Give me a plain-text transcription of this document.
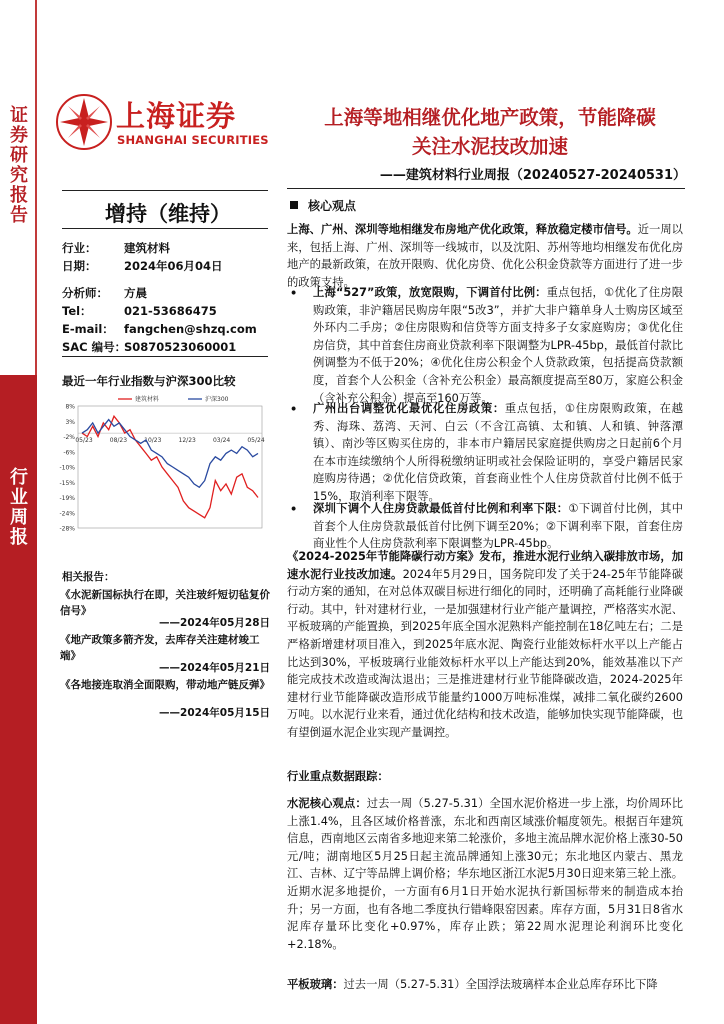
证券研究报告
行业周报
上海证券
SHANGHAI SECURITIES
上海等地相继优化地产政策，节能降碳
关注水泥技改加速
——建筑材料行业周报（20240527-20240531）
增持（维持）
行业： 建筑材料
日期： 2024年06月04日
分析师： 方晨
Tel：	021-53686475
E-mail： fangchen@shzq.com
SAC 编号：S0870523060001
最近一年行业指数与沪深300比较
8%
3%
-2%
-6%
-10%
-15%
-19%
-24%
-28%
05/23	08/23	10/23	12/23	03/24	05/24
建筑材料	沪深300
相关报告：
《水泥新国标执行在即，关注玻纤短切毡复价信号》
——2024年05月28日
《地产政策多箭齐发，去库存关注建材竣工端》
——2024年05月21日
《各地接连取消全面限购，带动地产链反弹》
——2024年05月15日
核心观点
上海、广州、深圳等地相继发布房地产优化政策，释放稳定楼市信号。近一周以来，包括上海、广州、深圳等一线城市，以及沈阳、苏州等地均相继发布优化房地产的最新政策，在放开限购、优化房贷、优化公积金贷款等方面进行了进一步的政策支持。
• 上海“527”政策，放宽限购，下调首付比例：重点包括，①优化了住房限购政策，非沪籍居民购房年限“5改3”，并扩大非户籍单身人士购房区域至外环内二手房；②住房限购和信贷等方面支持多子女家庭购房；③优化住房信贷，其中首套住房商业贷款利率下限调整为LPR-45bp，最低首付款比例调整为不低于20%；④优化住房公积金个人贷款政策，包括提高贷款额度，首套个人公积金（含补充公积金）最高额度提高至80万，家庭公积金（含补充公积金）提高至160万等。
• 广州出台调整优化最优化住房政策：重点包括，①住房限购政策，在越秀、海珠、荔湾、天河、白云（不含江高镇、太和镇、人和镇、钟落潭镇）、南沙等区购买住房的，非本市户籍居民家庭提供购房之日起前6个月在本市连续缴纳个人所得税缴纳证明或社会保险证明的，享受户籍居民家庭购房待遇；②优化信贷政策，首套商业性个人住房贷款首付比例不低于15%，取消利率下限等。
• 深圳下调个人住房贷款最低首付比例和利率下限：①下调首付比例，其中首套个人住房贷款最低首付比例下调至20%；②下调利率下限，首套住房商业性个人住房贷款利率下限调整为LPR-45bp。
《2024-2025年节能降碳行动方案》发布，推进水泥行业纳入碳排放市场，加速水泥行业技改加速。2024年5月29日，国务院印发了关于24-25年节能降碳行动方案的通知，在对总体双碳目标进行细化的同时，还明确了高耗能行业降碳行动。其中，针对建材行业，一是加强建材行业产能产量调控，严格落实水泥、平板玻璃的产能置换，到2025年底全国水泥熟料产能控制在18亿吨左右；二是严格新增建材项目准入，到2025年底水泥、陶瓷行业能效标杆水平以上产能占比达到30%，平板玻璃行业能效标杆水平以上产能达到20%，能效基准以下产能完成技术改造或淘汰退出；三是推进建材行业节能降碳改造，2024-2025年建材行业节能降碳改造形成节能量约1000万吨标准煤，减排二氧化碳约2600万吨。以水泥行业来看，通过优化结构和技术改造，能够加快实现节能降碳，也有望倒逼水泥企业实现产量调控。
行业重点数据跟踪：
水泥核心观点：过去一周（5.27-5.31）全国水泥价格进一步上涨，均价周环比上涨1.4%，且各区域价格普涨，东北和西南区域涨价幅度领先。根据百年建筑信息，西南地区云南省多地迎来第二轮涨价，多地主流品牌水泥价格上涨30-50元/吨；湖南地区5月25日起主流品牌通知上涨30元；东北地区内蒙古、黑龙江、吉林、辽宁等品牌上调价格；华东地区浙江水泥5月30日迎来第三轮上涨。近期水泥多地提价，一方面有6月1日开始水泥执行新国标带来的制造成本抬升；另一方面，也有各地二季度执行错峰限窑因素。库存方面，5月31日8省水泥库存量环比变化+0.97%，库存止跌；第22周水泥理论利润环比变化+2.18%。
平板玻璃：过去一周（5.27-5.31）全国浮法玻璃样本企业总库存环比下降
